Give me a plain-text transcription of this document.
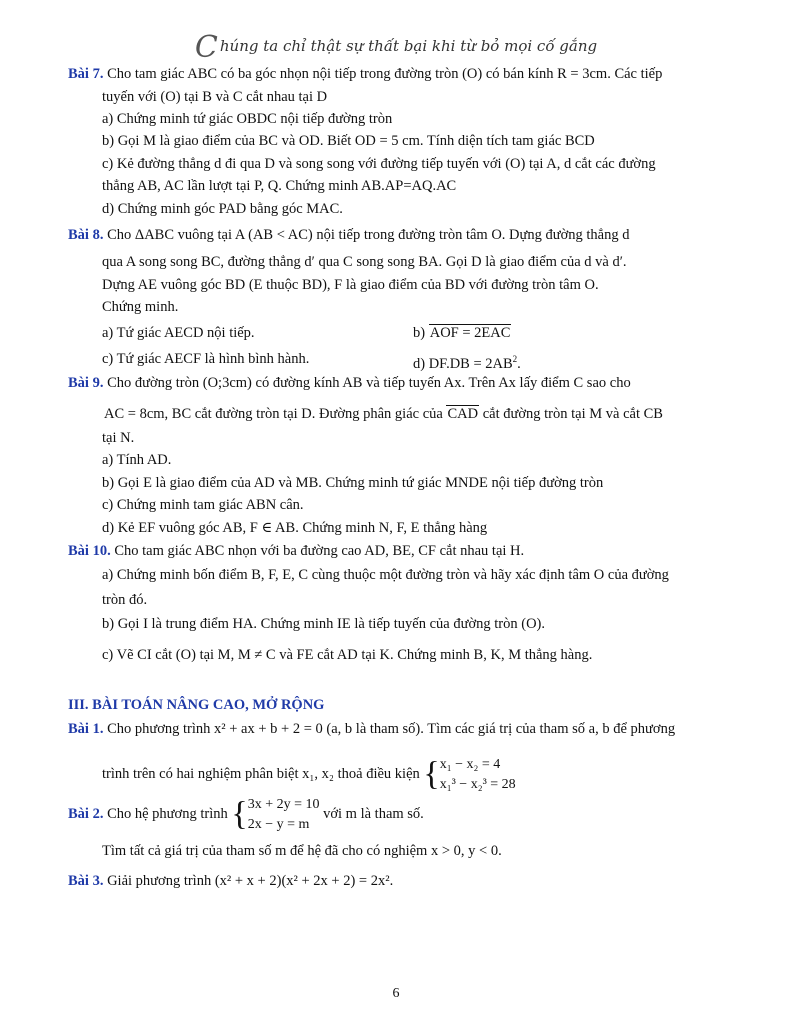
Chúng ta chỉ thật sự thất bại khi từ bỏ mọi cố gắng
Bài 7. Cho tam giác ABC có ba góc nhọn nội tiếp trong đường tròn (O) có bán kính R = 3cm. Các tiếp
tuyến với (O) tại B và C cắt nhau tại D
a) Chứng minh tứ giác OBDC nội tiếp đường tròn
b) Gọi M là giao điểm của BC và OD. Biết OD = 5 cm. Tính diện tích tam giác BCD
c) Kẻ đường thẳng d đi qua D và song song với đường tiếp tuyến với (O) tại A, d cắt các đường
thẳng AB, AC lần lượt tại P, Q. Chứng minh AB.AP=AQ.AC
d) Chứng minh góc PAD bằng góc MAC.
Bài 8. Cho ΔABC vuông tại A (AB < AC) nội tiếp trong đường tròn tâm O. Dựng đường thẳng d
qua A song song BC, đường thẳng d′ qua C song song BA. Gọi D là giao điểm của d và d′.
Dựng AE vuông góc BD (E thuộc BD), F là giao điểm của BD với đường tròn tâm O.
Chứng minh.
a) Tứ giác AECD nội tiếp.	b) AOF = 2EAC
c) Tứ giác AECF là hình bình hành.	d) $DF.DB = 2AB^2$.
Bài 9. Cho đường tròn (O;3cm) có đường kính AB và tiếp tuyến Ax. Trên Ax lấy điểm C sao cho
AC = 8cm, BC cắt đường tròn tại D. Đường phân giác của CAD cắt đường tròn tại M và cắt CB
tại N.
a) Tính AD.
b) Gọi E là giao điểm của AD và MB. Chứng minh tứ giác MNDE nội tiếp đường tròn
c) Chứng minh tam giác ABN cân.
d) Kẻ EF vuông góc AB, F ∈ AB. Chứng minh N, F, E thẳng hàng
Bài 10. Cho tam giác ABC nhọn với ba đường cao AD, BE, CF cắt nhau tại H.
a) Chứng minh bốn điểm B, F, E, C cùng thuộc một đường tròn và hãy xác định tâm O của đường
tròn đó.
b) Gọi I là trung điểm HA. Chứng minh IE là tiếp tuyến của đường tròn (O).
c) Vẽ CI cắt (O) tại M, M ≠ C và FE cắt AD tại K. Chứng minh B, K, M thẳng hàng.
III. BÀI TOÁN NÂNG CAO, MỞ RỘNG
Bài 1. Cho phương trình x² + ax + b + 2 = 0 (a, b là tham số). Tìm các giá trị của tham số a, b để phương
trình trên có hai nghiệm phân biệt x₁, x₂ thoả điều kiện { x₁ − x₂ = 4
x₁³ − x₂³ = 28
Bài 2. Cho hệ phương trình { 3x + 2y = 10
2x − y = m
với m là tham số.
Tìm tất cả giá trị của tham số m để hệ đã cho có nghiệm x > 0, y < 0.
Bài 3. Giải phương trình (x² + x + 2)(x² + 2x + 2) = 2x².
6
